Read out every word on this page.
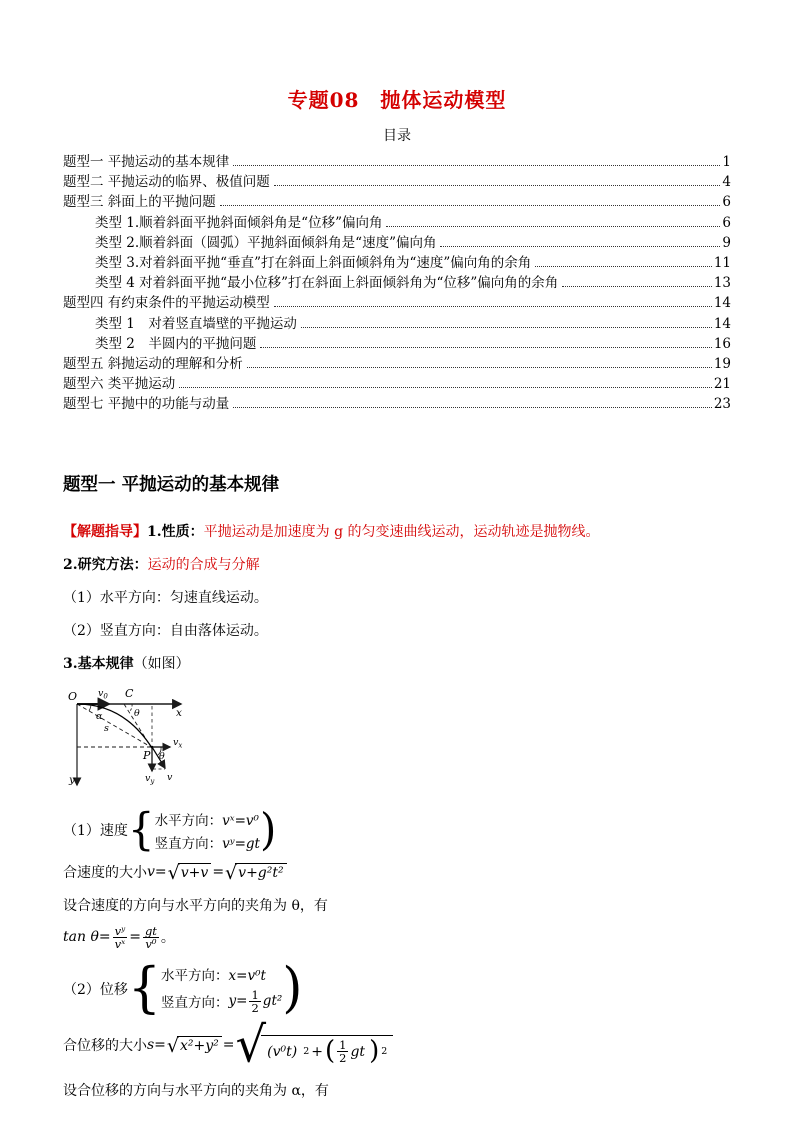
专题08　抛体运动模型
目录
题型一 平抛运动的基本规律	1
题型二 平抛运动的临界、极值问题	4
题型三 斜面上的平抛问题	6
类型 1.顺着斜面平抛斜面倾斜角是“位移”偏向角	6
类型 2.顺着斜面（圆弧）平抛斜面倾斜角是“速度”偏向角	9
类型 3.对着斜面平抛“垂直”打在斜面上斜面倾斜角为“速度”偏向角的余角	11
类型 4 对着斜面平抛“最小位移”打在斜面上斜面倾斜角为“位移”偏向角的余角	13
题型四 有约束条件的平抛运动模型	14
类型 1　对着竖直墙壁的平抛运动	14
类型 2　半圆内的平抛问题	16
题型五 斜抛运动的理解和分析	19
题型六 类平抛运动	21
题型七 平抛中的功能与动量	23
题型一 平抛运动的基本规律

【解题指导】1.性质：平抛运动是加速度为 g 的匀变速曲线运动，运动轨迹是抛物线。

2.研究方法：运动的合成与分解

（1）水平方向：匀速直线运动。

（2）竖直方向：自由落体运动。

3.基本规律（如图）

O
x
y
$v_0$ C
θ
α
s
P
$v_x$
θ
$v_y$ v
（1）速度 { 水平方向：vˣ=v⁰
竖直方向：vʸ=gt )
合速度的大小 v= √ v+v = √ v+g²t²

设合速度的方向与水平方向的夹角为 θ，有

$\tan \theta= \frac{\text{vʸ}}{\text{vˣ}} = \frac{gt}{\text{v⁰}}$ 。
（2）位移 { 水平方向：x=v⁰t
竖直方向： $y= \frac{1}{2} gt^2$ )
合位移的大小 s= √ x²+y² = √ (v⁰t) 2 + ( $\frac{1}{2}$ gt ) 2

设合位移的方向与水平方向的夹角为 α，有
